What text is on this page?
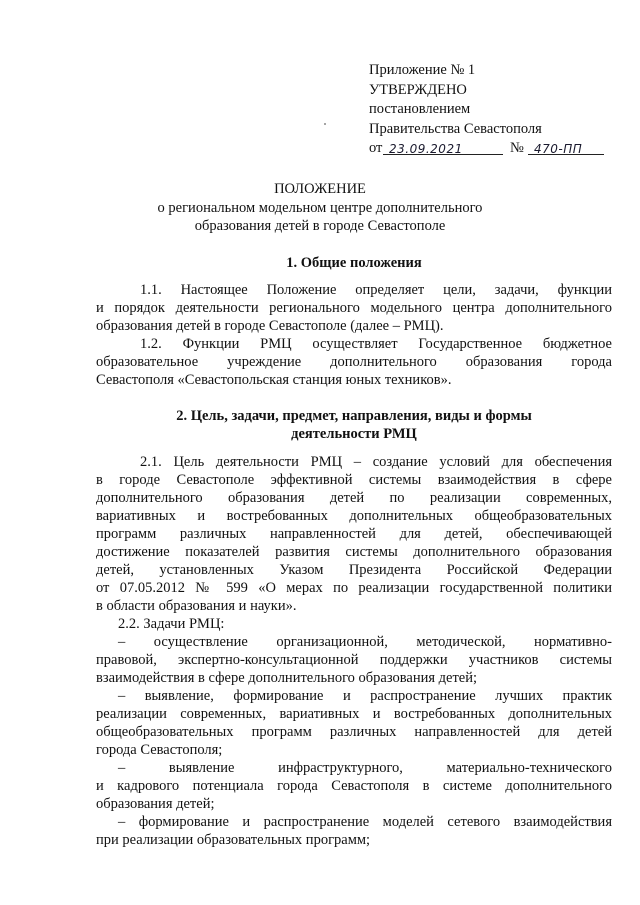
Приложение № 1
УТВЕРЖДЕНО
постановлением
Правительства Севастополя
от 23.09.2021	№ 470-ПП
ПОЛОЖЕНИЕ
о региональном модельном центре дополнительного
образования детей в городе Севастополе
1. Общие положения
1.1. Настоящее Положение определяет цели, задачи, функции
и порядок деятельности регионального модельного центра дополнительного
образования детей в городе Севастополе (далее – РМЦ).
1.2. Функции РМЦ осуществляет Государственное бюджетное
образовательное учреждение дополнительного образования города
Севастополя «Севастопольская станция юных техников».
2. Цель, задачи, предмет, направления, виды и формы
деятельности РМЦ
2.1. Цель деятельности РМЦ – создание условий для обеспечения
в городе Севастополе эффективной системы взаимодействия в сфере
дополнительного образования детей по реализации современных,
вариативных и востребованных дополнительных общеобразовательных
программ различных направленностей для детей, обеспечивающей
достижение показателей развития системы дополнительного образования
детей, установленных Указом Президента Российской Федерации
от 07.05.2012 № 599 «О мерах по реализации государственной политики
в области образования и науки».
2.2. Задачи РМЦ:
– осуществление организационной, методической, нормативно-
правовой, экспертно-консультационной поддержки участников системы
взаимодействия в сфере дополнительного образования детей;
– выявление, формирование и распространение лучших практик
реализации современных, вариативных и востребованных дополнительных
общеобразовательных программ различных направленностей для детей
города Севастополя;
– выявление инфраструктурного, материально-технического
и кадрового потенциала города Севастополя в системе дополнительного
образования детей;
– формирование и распространение моделей сетевого взаимодействия
при реализации образовательных программ;
